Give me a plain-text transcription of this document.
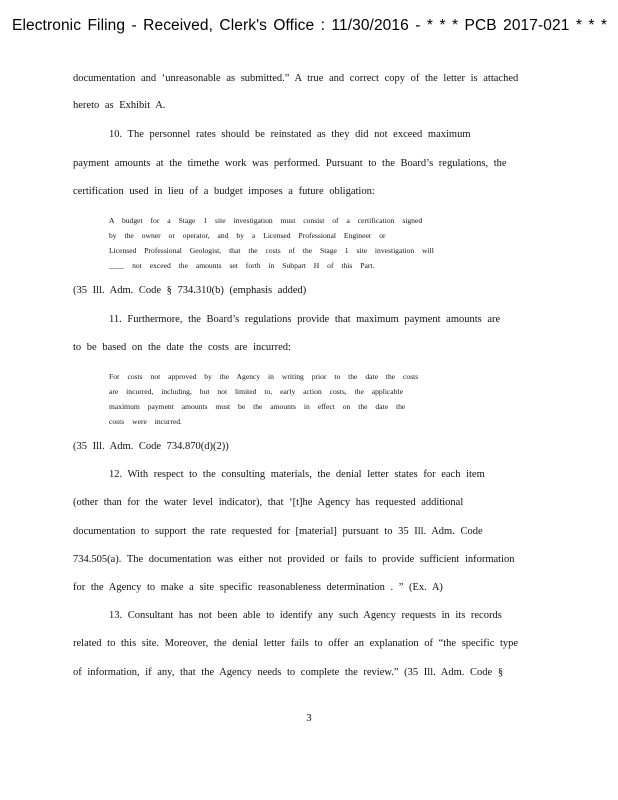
Electronic Filing - Received, Clerk's Office : 11/30/2016 - * * * PCB 2017-021 * * *
documentation and ‘unreasonable as submitted.” A true and correct copy of the letter is attached
hereto as Exhibit A.
10. The personnel rates should be reinstated as they did not exceed maximum
payment amounts at the timethe work was performed. Pursuant to the Board’s regulations, the
certification used in lieu of a budget imposes a future obligation:
A budget for a Stage 1 site investigation must consist of a certification signed
by the owner or operator, and by a Licensed Professional Engineer or
Licensed Professional Geologist, that the costs of the Stage 1 site investigation will
____ not exceed the amounts set forth in Subpart H of this Part.
(35 Ill. Adm. Code § 734.310(b) (emphasis added)
11. Furthermore, the Board’s regulations provide that maximum payment amounts are
to be based on the date the costs are incurred:
For costs not approved by the Agency in writing prior to the date the costs
are incurred, including, but not limited to, early action costs, the applicable
maximum payment amounts must be the amounts in effect on the date the
costs were incurred.
(35 Ill. Adm. Code 734.870(d)(2))
12. With respect to the consulting materials, the denial letter states for each item
(other than for the water level indicator), that ‘[t]he Agency has requested additional
documentation to support the rate requested for [material] pursuant to 35 Ill. Adm. Code
734.505(a). The documentation was either not provided or fails to provide sufficient information
for the Agency to make a site specific reasonableness determination . ” (Ex. A)
13. Consultant has not been able to identify any such Agency requests in its records
related to this site. Moreover, the denial letter fails to offer an explanation of “the specific type
of information, if any, that the Agency needs to complete the review.” (35 Ill. Adm. Code §
3
